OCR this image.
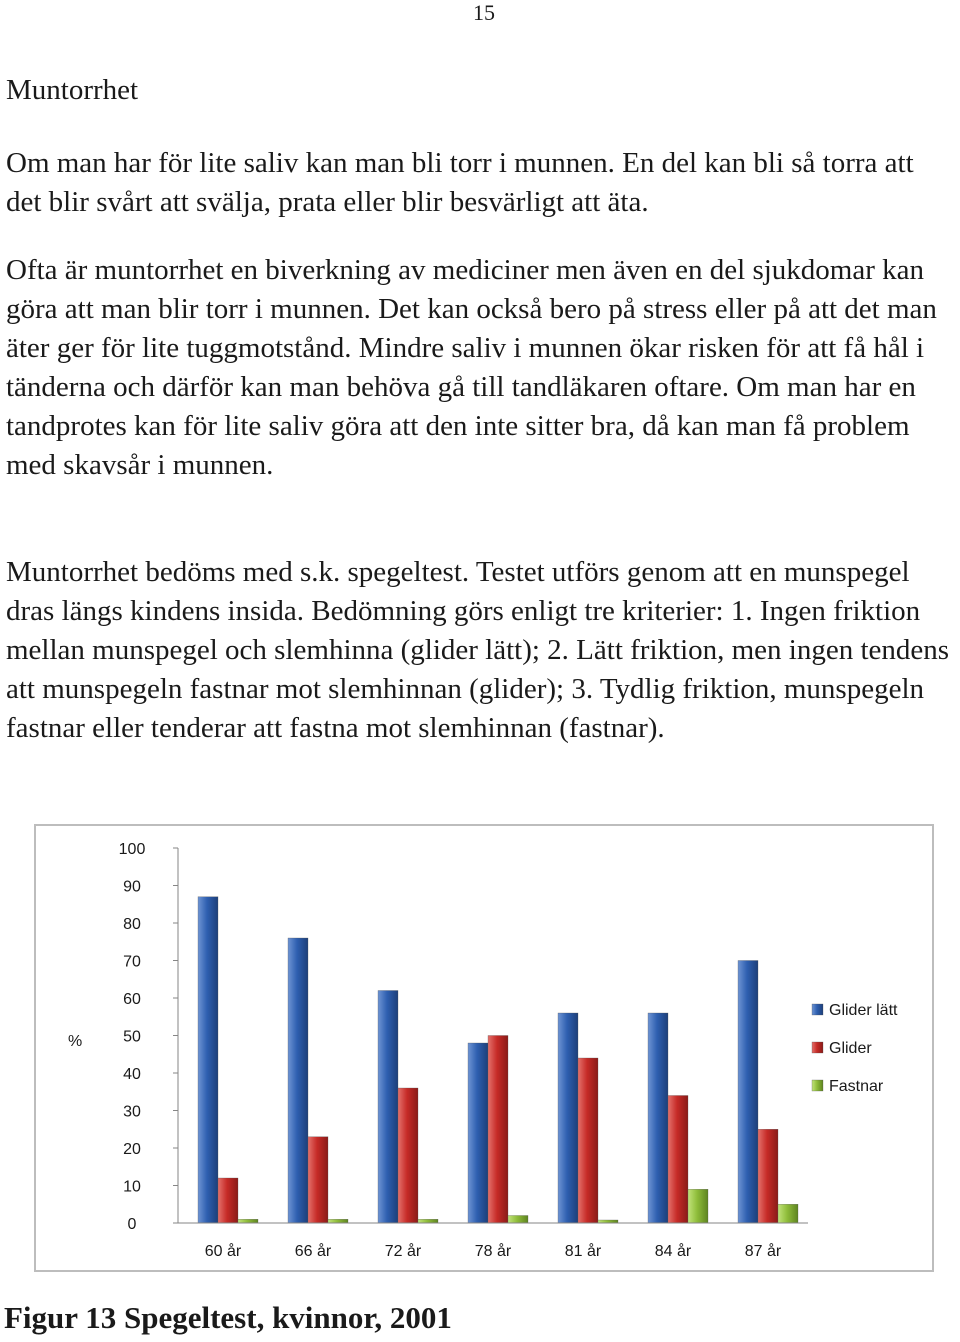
15
Muntorrhet

Om man har för lite saliv kan man bli torr i munnen. En del kan bli så torra att det blir svårt att svälja, prata eller blir besvärligt att äta.

Ofta är muntorrhet en biverkning av mediciner men även en del sjukdomar kan göra att man blir torr i munnen. Det kan också bero på stress eller på att det man äter ger för lite tuggmotstånd. Mindre saliv i munnen ökar risken för att få hål i tänderna och därför kan man behöva gå till tandläkaren oftare. Om man har en tandprotes kan för lite saliv göra att den inte sitter bra, då kan man få problem med skavsår i munnen.

Muntorrhet bedöms med s.k. spegeltest. Testet utförs genom att en munspegel dras längs kindens insida. Bedömning görs enligt tre kriterier: 1. Ingen friktion mellan munspegel och slemhinna (glider lätt); 2. Lätt friktion, men ingen tendens att munspegeln fastnar mot slemhinnan (glider); 3. Tydlig friktion, munspegeln fastnar eller tenderar att fastna mot slemhinnan (fastnar).

%
0
10
20
30
40
50
60
70
80
90
100
60 år	66 år	72 år	78 år	81 år	84 år	87 år
Glider lätt
Glider
Fastnar
Figur 13 Spegeltest, kvinnor, 2001
